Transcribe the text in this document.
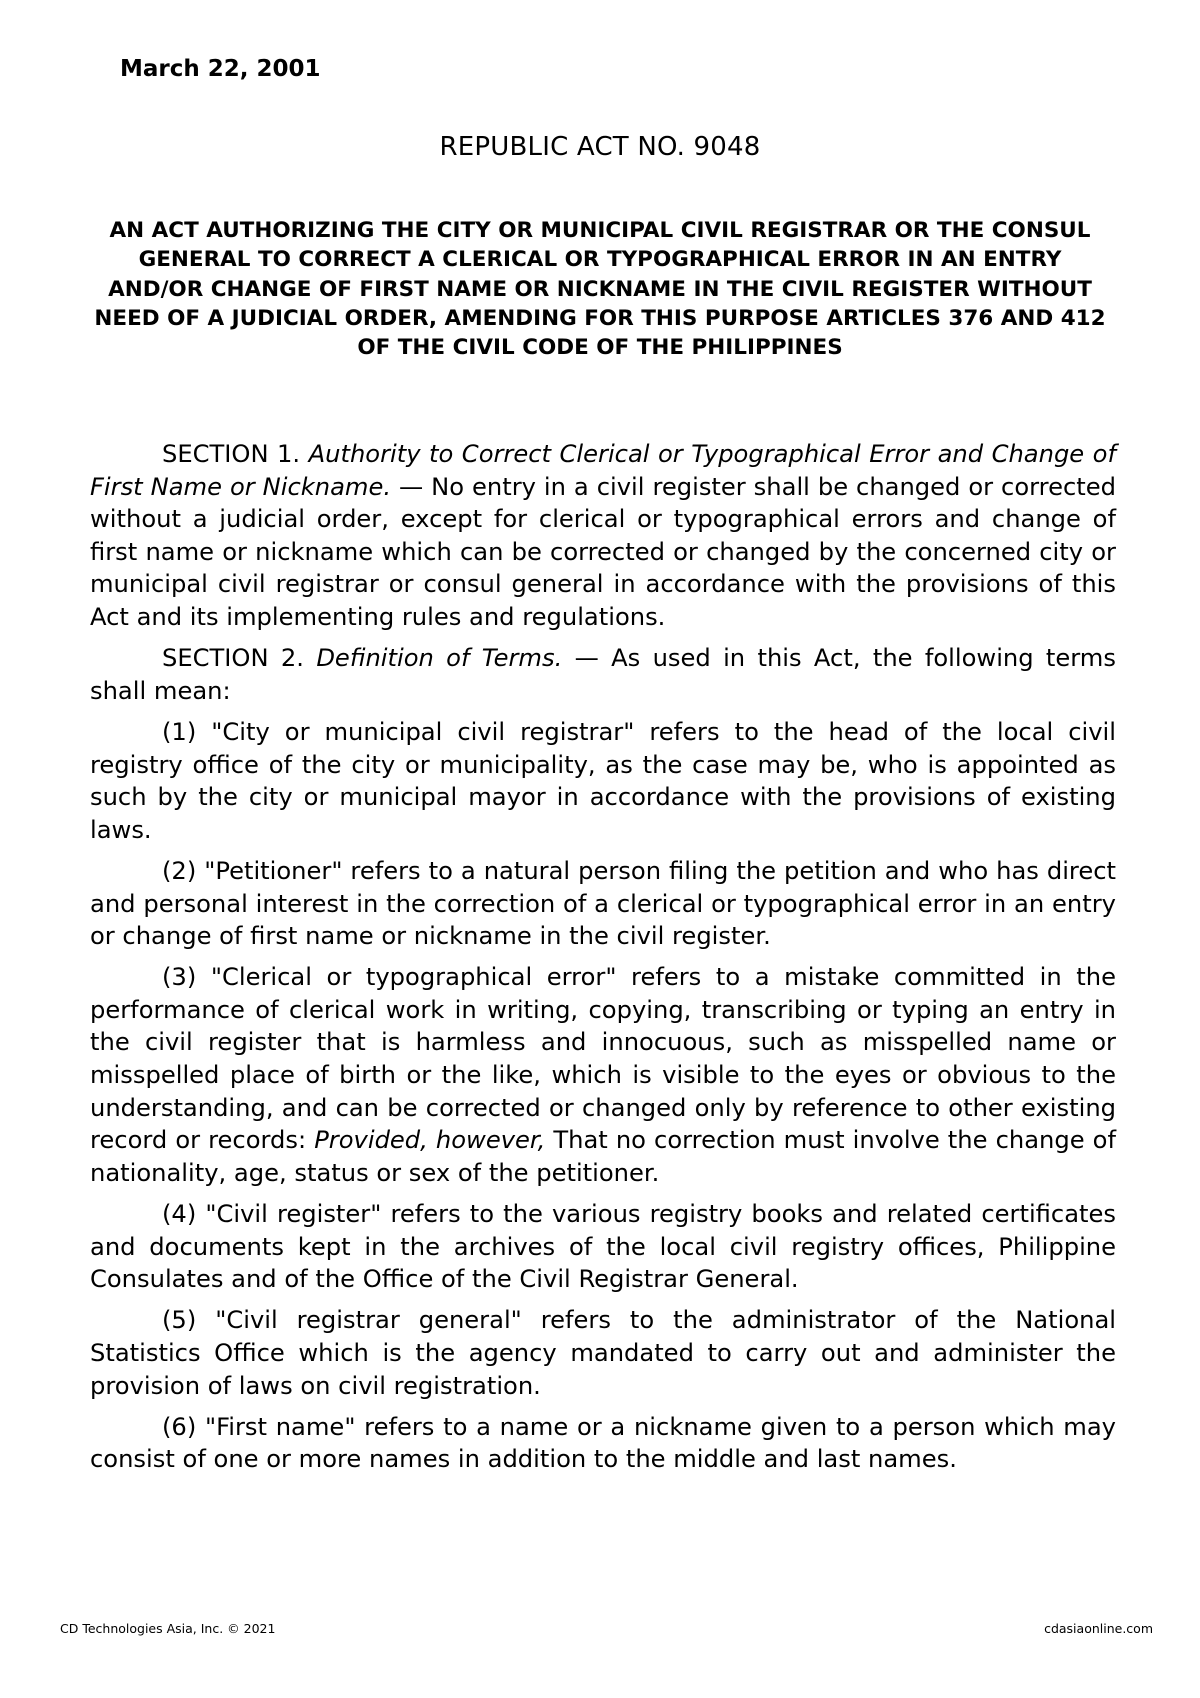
March 22, 2001
REPUBLIC ACT NO. 9048
AN ACT AUTHORIZING THE CITY OR MUNICIPAL CIVIL REGISTRAR OR THE CONSUL GENERAL TO CORRECT A CLERICAL OR TYPOGRAPHICAL ERROR IN AN ENTRY AND/OR CHANGE OF FIRST NAME OR NICKNAME IN THE CIVIL REGISTER WITHOUT NEED OF A JUDICIAL ORDER, AMENDING FOR THIS PURPOSE ARTICLES 376 AND 412 OF THE CIVIL CODE OF THE PHILIPPINES

SECTION 1. Authority to Correct Clerical or Typographical Error and Change of First Name or Nickname. — No entry in a civil register shall be changed or corrected without a judicial order, except for clerical or typographical errors and change of first name or nickname which can be corrected or changed by the concerned city or municipal civil registrar or consul general in accordance with the provisions of this Act and its implementing rules and regulations.

SECTION 2. Definition of Terms. — As used in this Act, the following terms shall mean:

(1) "City or municipal civil registrar" refers to the head of the local civil registry office of the city or municipality, as the case may be, who is appointed as such by the city or municipal mayor in accordance with the provisions of existing laws.

(2) "Petitioner" refers to a natural person filing the petition and who has direct and personal interest in the correction of a clerical or typographical error in an entry or change of first name or nickname in the civil register.

(3) "Clerical or typographical error" refers to a mistake committed in the performance of clerical work in writing, copying, transcribing or typing an entry in the civil register that is harmless and innocuous, such as misspelled name or misspelled place of birth or the like, which is visible to the eyes or obvious to the understanding, and can be corrected or changed only by reference to other existing record or records: Provided, however, That no correction must involve the change of nationality, age, status or sex of the petitioner.

(4) "Civil register" refers to the various registry books and related certificates and documents kept in the archives of the local civil registry offices, Philippine Consulates and of the Office of the Civil Registrar General.

(5) "Civil registrar general" refers to the administrator of the National Statistics Office which is the agency mandated to carry out and administer the provision of laws on civil registration.

(6) "First name" refers to a name or a nickname given to a person which may consist of one or more names in addition to the middle and last names.

CD Technologies Asia, Inc. © 2021	cdasiaonline.com
